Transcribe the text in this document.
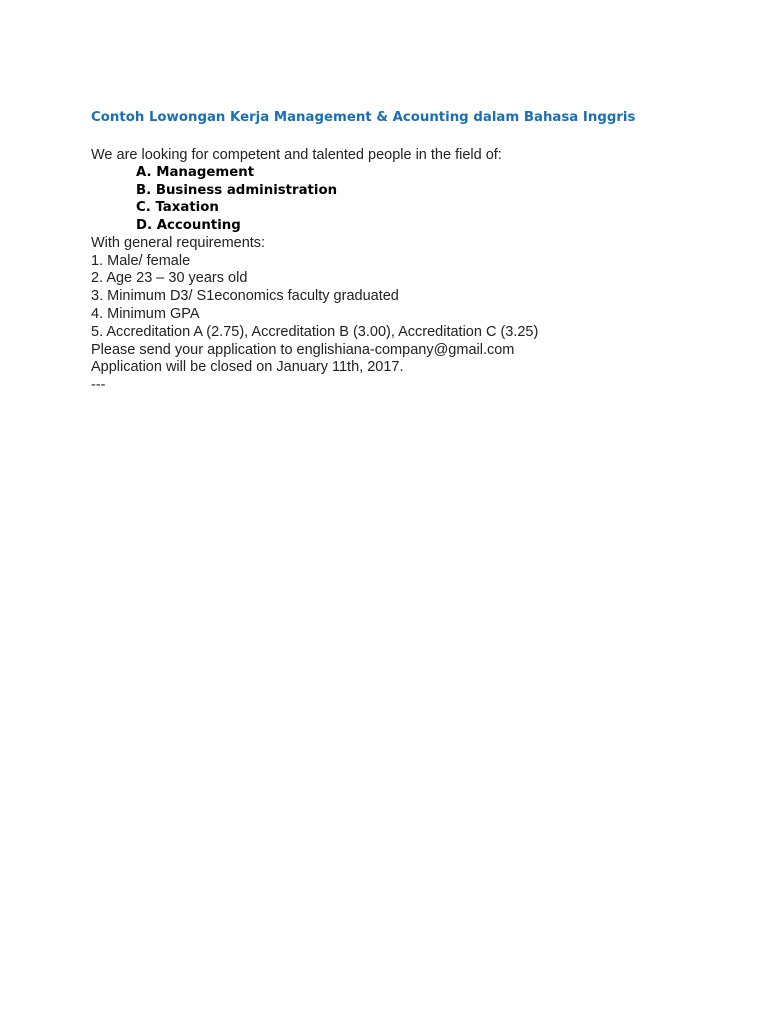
Contoh Lowongan Kerja Management & Acounting dalam Bahasa Inggris

We are looking for competent and talented people in the field of:

A. Management
B. Business administration
C. Taxation
D. Accounting

With general requirements:

1. Male/ female

2. Age 23 – 30 years old

3. Minimum D3/ S1economics faculty graduated

4. Minimum GPA

5. Accreditation A (2.75), Accreditation B (3.00), Accreditation C (3.25)

Please send your application to englishiana-company@gmail.com

Application will be closed on January 11th, 2017.

---
